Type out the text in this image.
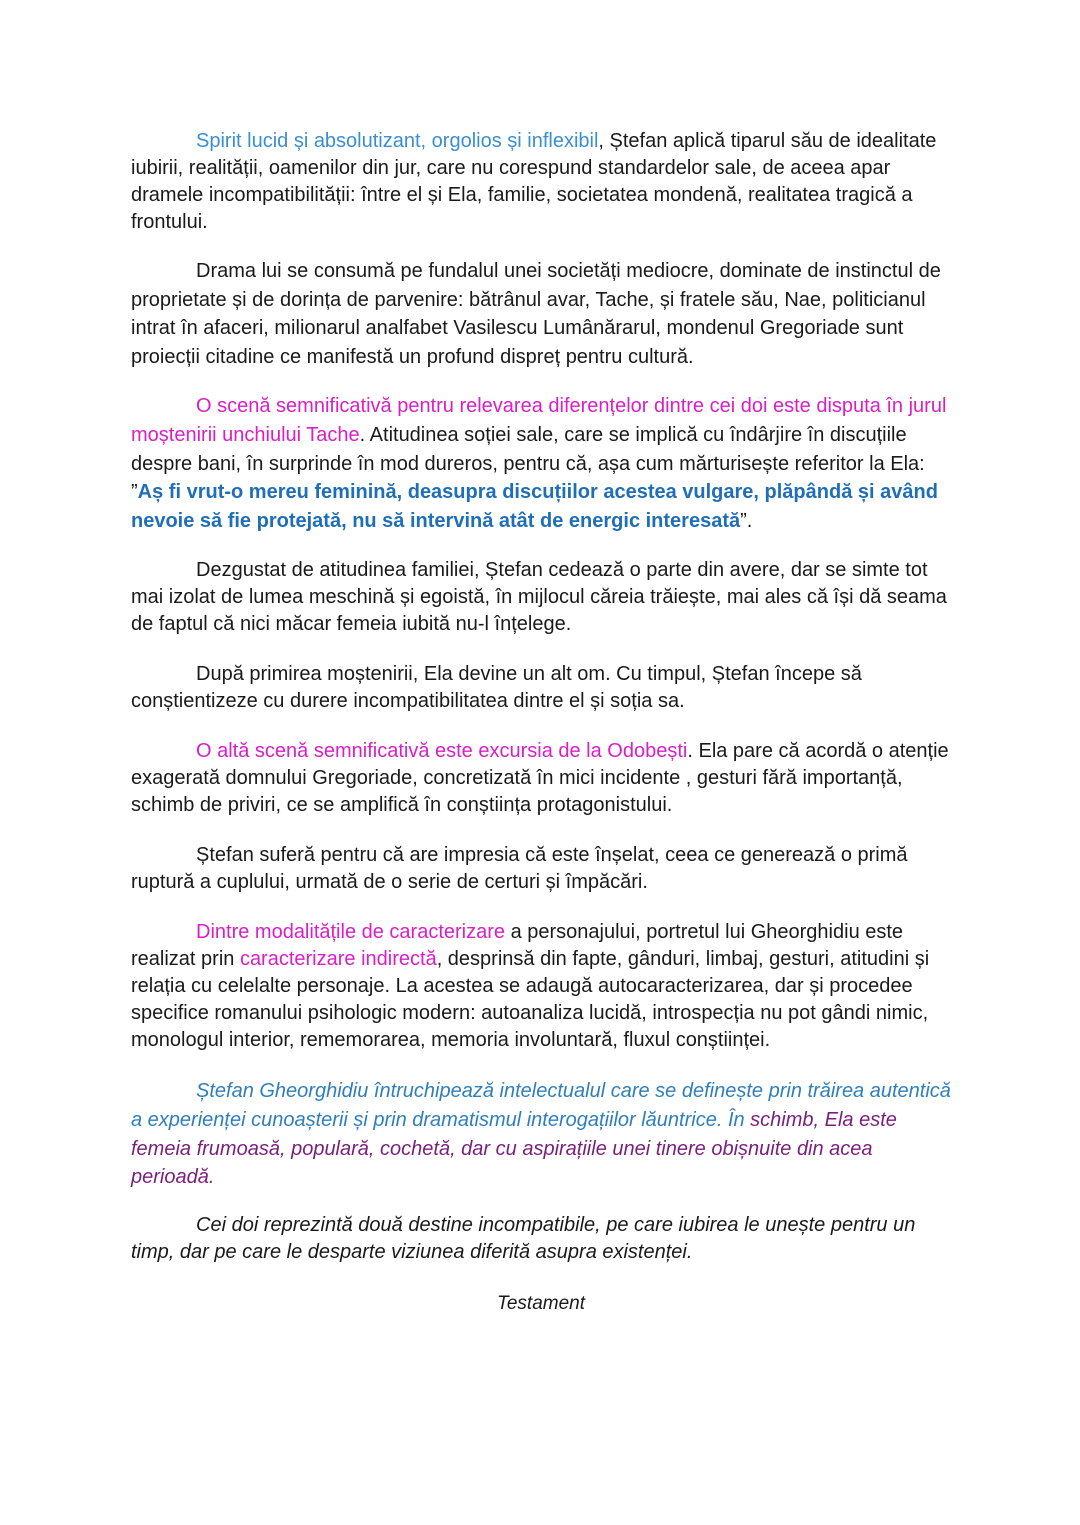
Spirit lucid și absolutizant, orgolios și inflexibil, Ștefan aplică tiparul său de idealitate iubirii, realității, oamenilor din jur, care nu corespund standardelor sale, de aceea apar dramele incompatibilității: între el și Ela, familie, societatea mondenă, realitatea tragică a frontului.

Drama lui se consumă pe fundalul unei societăți mediocre, dominate de instinctul de proprietate și de dorința de parvenire: bătrânul avar, Tache, și fratele său, Nae, politicianul intrat în afaceri, milionarul analfabet Vasilescu Lumânărarul, mondenul Gregoriade sunt proiecții citadine ce manifestă un profund dispreț pentru cultură.

O scenă semnificativă pentru relevarea diferențelor dintre cei doi este disputa în jurul moștenirii unchiului Tache. Atitudinea soției sale, care se implică cu îndârjire în discuțiile despre bani, în surprinde în mod dureros, pentru că, așa cum mărturisește referitor la Ela: ”Aș fi vrut-o mereu feminină, deasupra discuțiilor acestea vulgare, plăpândă și având nevoie să fie protejată, nu să intervină atât de energic interesată”.

Dezgustat de atitudinea familiei, Ștefan cedează o parte din avere, dar se simte tot mai izolat de lumea meschină și egoistă, în mijlocul căreia trăiește, mai ales că își dă seama de faptul că nici măcar femeia iubită nu-l înțelege.

După primirea moștenirii, Ela devine un alt om. Cu timpul, Ștefan începe să conștientizeze cu durere incompatibilitatea dintre el și soția sa.

O altă scenă semnificativă este excursia de la Odobești. Ela pare că acordă o atenție exagerată domnului Gregoriade, concretizată în mici incidente , gesturi fără importanță, schimb de priviri, ce se amplifică în conștiința protagonistului.

Ștefan suferă pentru că are impresia că este înșelat, ceea ce generează o primă ruptură a cuplului, urmată de o serie de certuri și împăcări.

Dintre modalitățile de caracterizare a personajului, portretul lui Gheorghidiu este realizat prin caracterizare indirectă, desprinsă din fapte, gânduri, limbaj, gesturi, atitudini și relația cu celelalte personaje. La acestea se adaugă autocaracterizarea, dar și procedee specifice romanului psihologic modern: autoanaliza lucidă, introspecția nu pot gândi nimic, monologul interior, rememorarea, memoria involuntară, fluxul conștiinței.

Ștefan Gheorghidiu întruchipează intelectualul care se definește prin trăirea autentică a experienței cunoașterii și prin dramatismul interogațiilor lăuntrice. În schimb, Ela este femeia frumoasă, populară, cochetă, dar cu aspirațiile unei tinere obișnuite din acea perioadă.

Cei doi reprezintă două destine incompatibile, pe care iubirea le unește pentru un timp, dar pe care le desparte viziunea diferită asupra existenței.

Testament
